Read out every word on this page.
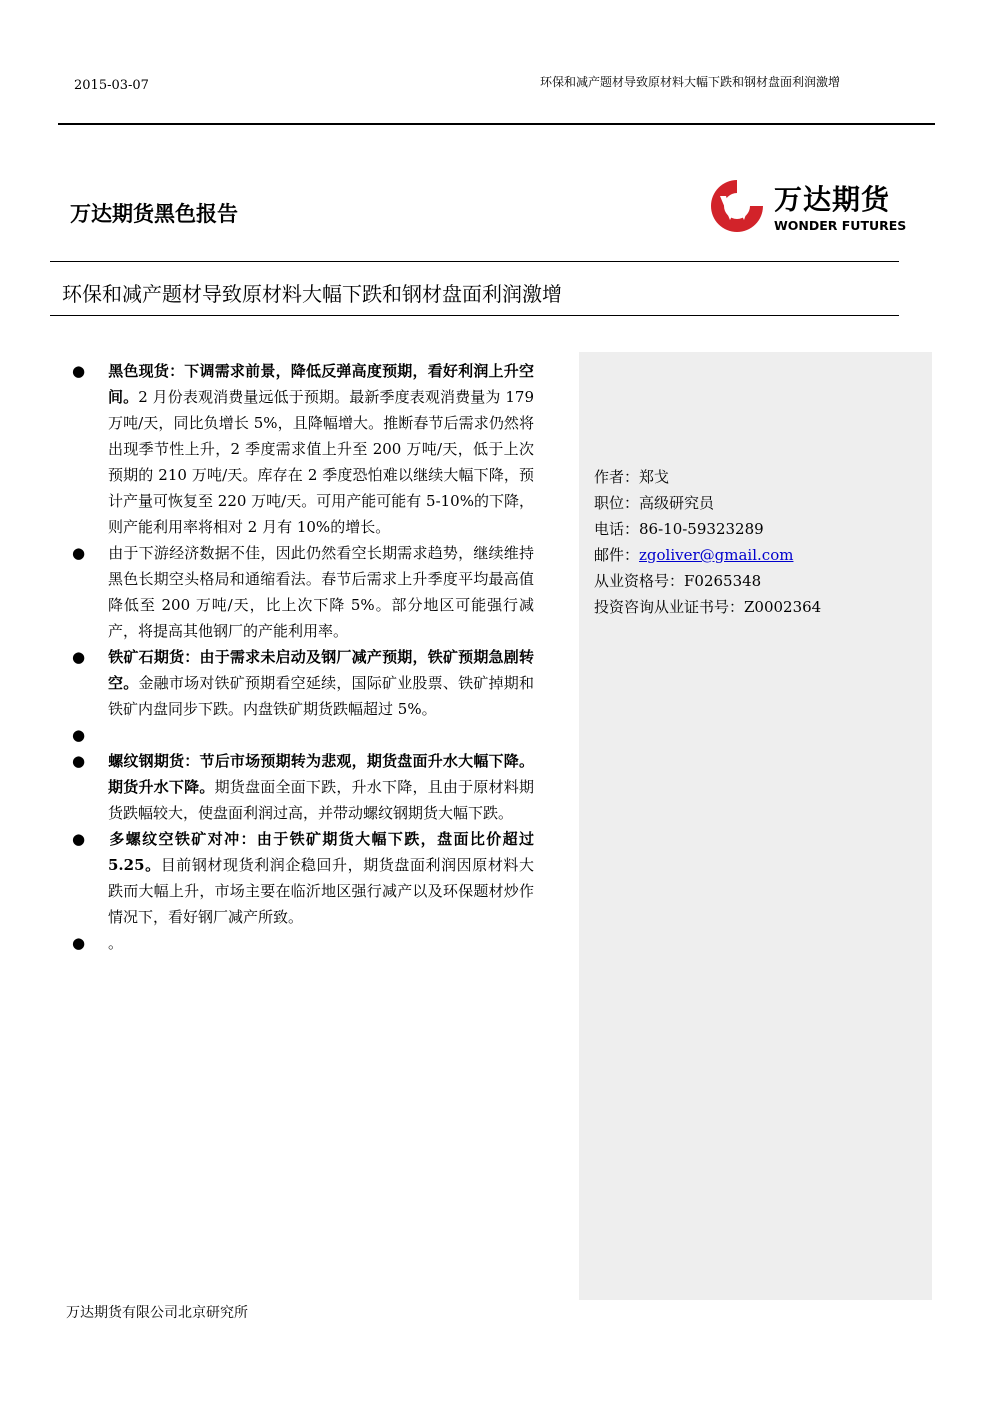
2015-03-07	环保和减产题材导致原材料大幅下跌和钢材盘面利润激增
万达期货黑色报告	万达期货
WONDER FUTURES
环保和减产题材导致原材料大幅下跌和钢材盘面利润激增

● 黑色现货：下调需求前景，降低反弹高度预期，看好利润上升空间。2 月份表观消费量远低于预期。最新季度表观消费量为 179 万吨/天，同比负增长 5%，且降幅增大。推断春节后需求仍然将出现季节性上升，2 季度需求值上升至 200 万吨/天，低于上次预期的 210 万吨/天。库存在 2 季度恐怕难以继续大幅下降，预计产量可恢复至 220 万吨/天。可用产能可能有 5-10%的下降，则产能利用率将相对 2 月有 10%的增长。

● 由于下游经济数据不佳，因此仍然看空长期需求趋势，继续维持黑色长期空头格局和通缩看法。春节后需求上升季度平均最高值降低至 200 万吨/天，比上次下降 5%。部分地区可能强行减产，将提高其他钢厂的产能利用率。

● 铁矿石期货：由于需求未启动及钢厂减产预期，铁矿预期急剧转空。金融市场对铁矿预期看空延续，国际矿业股票、铁矿掉期和铁矿内盘同步下跌。内盘铁矿期货跌幅超过 5%。

●

● 螺纹钢期货：节后市场预期转为悲观，期货盘面升水大幅下降。期货升水下降。期货盘面全面下跌，升水下降，且由于原材料期货跌幅较大，使盘面利润过高，并带动螺纹钢期货大幅下跌。

● 多螺纹空铁矿对冲：由于铁矿期货大幅下跌，盘面比价超过 5.25。目前钢材现货利润企稳回升，期货盘面利润因原材料大跌而大幅上升，市场主要在临沂地区强行减产以及环保题材炒作情况下，看好钢厂减产所致。

● 。

作者：郑戈
职位：高级研究员
电话：86-10-59323289
邮件：zgoliver@gmail.com
从业资格号：F0265348
投资咨询从业证书号：Z0002364
万达期货有限公司北京研究所
